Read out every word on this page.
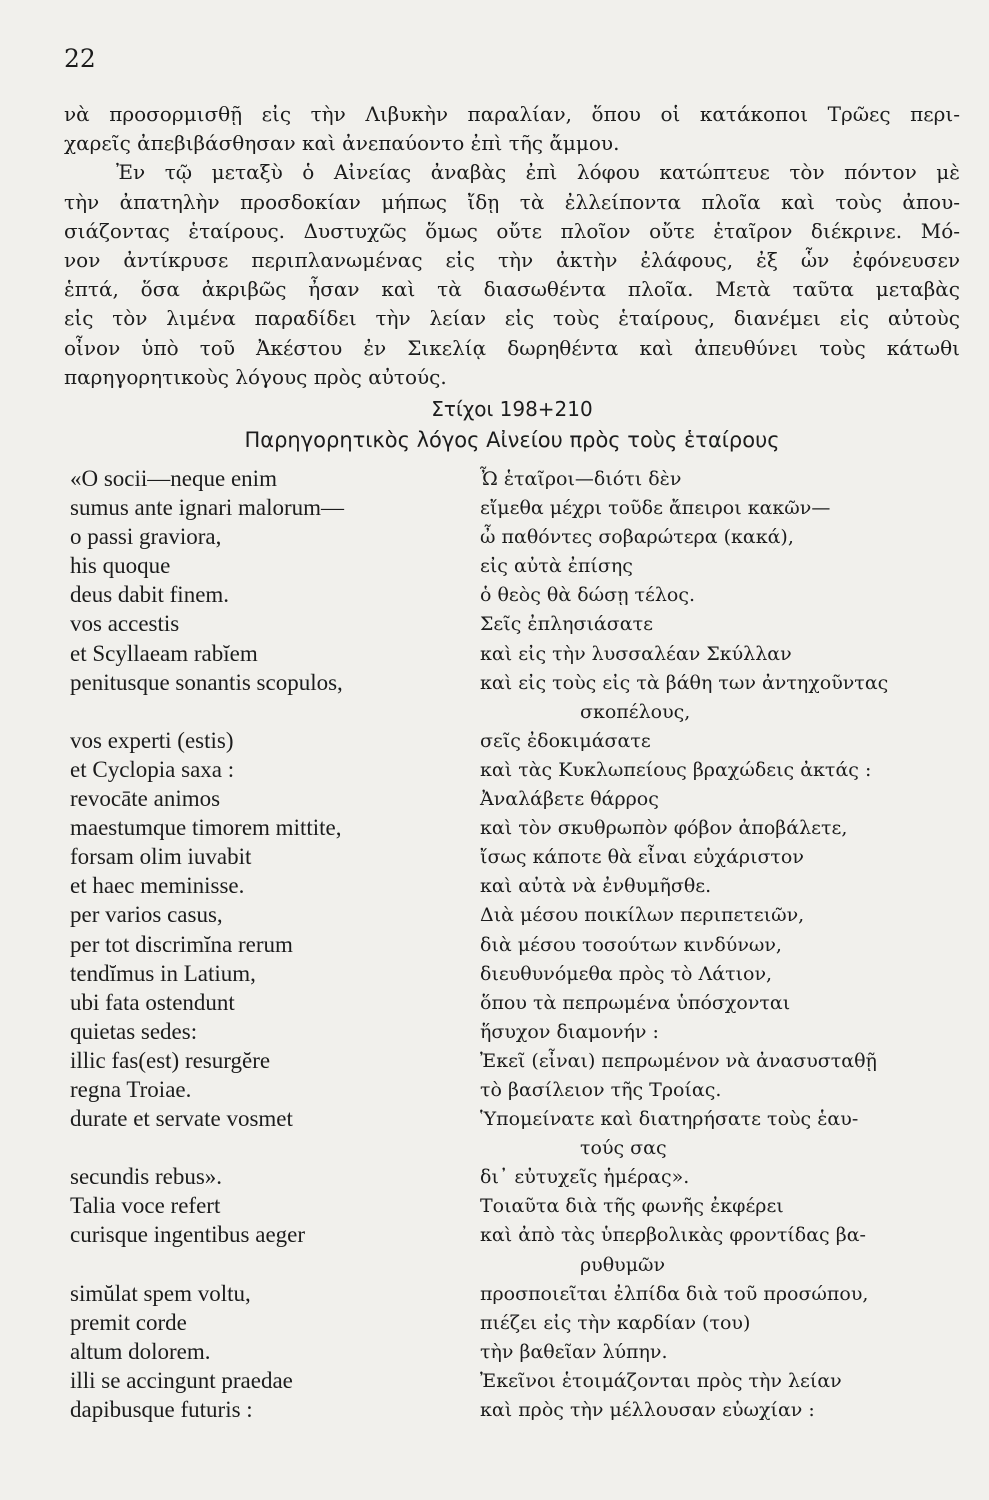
22
νὰ προσορμισθῇ εἰς τὴν Λιβυκὴν παραλίαν, ὅπου οἱ κατάκοποι Τρῶες περι-
χαρεῖς ἀπεβιβάσθησαν καὶ ἀνεπαύοντο ἐπὶ τῆς ἄμμου.
Ἐν τῷ μεταξὺ ὁ Αἰνείας ἀναβὰς ἐπὶ λόφου κατώπτευε τὸν πόντον μὲ
τὴν ἀπατηλὴν προσδοκίαν μήπως ἴδῃ τὰ ἐλλείποντα πλοῖα καὶ τοὺς ἀπου-
σιάζοντας ἑταίρους. Δυστυχῶς ὅμως οὔτε πλοῖον οὔτε ἑταῖρον διέκρινε. Μό-
νον ἀντίκρυσε περιπλανωμένας εἰς τὴν ἀκτὴν ἐλάφους, ἐξ ὧν ἐφόνευσεν
ἑπτά, ὅσα ἀκριβῶς ἦσαν καὶ τὰ διασωθέντα πλοῖα. Μετὰ ταῦτα μεταβὰς
εἰς τὸν λιμένα παραδίδει τὴν λείαν εἰς τοὺς ἑταίρους, διανέμει εἰς αὐτοὺς
οἶνον ὑπὸ τοῦ Ἀκέστου ἐν Σικελίᾳ δωρηθέντα καὶ ἀπευθύνει τοὺς κάτωθι
παρηγορητικοὺς λόγους πρὸς αὐτούς.
Στίχοι 198+210
Παρηγορητικὸς λόγος Αἰνείου πρὸς τοὺς ἑταίρους
«O socii—neque enim	Ὦ ἑταῖροι—διότι δὲν
sumus ante ignari malorum—	εἴμεθα μέχρι τοῦδε ἄπειροι κακῶν—
o passi graviora,	ὦ παθόντες σοβαρώτερα (κακά),
his quoque	εἰς αὐτὰ ἐπίσης
deus dabit finem.	ὁ θεὸς θὰ δώσῃ τέλος.
vos accestis	Σεῖς ἐπλησιάσατε
et Scyllaeam rabĭem	καὶ εἰς τὴν λυσσαλέαν Σκύλλαν
penitusque sonantis scopulos,	καὶ εἰς τοὺς εἰς τὰ βάθη των ἀντηχοῦντας
σκοπέλους,
vos experti (estis)	σεῖς ἐδοκιμάσατε
et Cyclopia saxa :	καὶ τὰς Κυκλωπείους βραχώδεις ἀκτάς :
revocāte animos	Ἀναλάβετε θάρρος
maestumque timorem mittite,	καὶ τὸν σκυθρωπὸν φόβον ἀποβάλετε,
forsam olim iuvabit	ἴσως κάποτε θὰ εἶναι εὐχάριστον
et haec meminisse.	καὶ αὐτὰ νὰ ἐνθυμῆσθε.
per varios casus,	Διὰ μέσου ποικίλων περιπετειῶν,
per tot discrimĭna rerum	διὰ μέσου τοσούτων κινδύνων,
tendĭmus in Latium,	διευθυνόμεθα πρὸς τὸ Λάτιον,
ubi fata ostendunt	ὅπου τὰ πεπρωμένα ὑπόσχονται
quietas sedes:	ἥσυχον διαμονήν :
illic fas(est) resurgĕre	Ἐκεῖ (εἶναι) πεπρωμένον νὰ ἀνασυσταθῇ
regna Troiae.	τὸ βασίλειον τῆς Τροίας.
durate et servate vosmet	Ὑπομείνατε καὶ διατηρήσατε τοὺς ἑαυ-
τούς σας
secundis rebus».	δι᾿ εὐτυχεῖς ἡμέρας».
Talia voce refert	Τοιαῦτα διὰ τῆς φωνῆς ἐκφέρει
curisque ingentibus aeger	καὶ ἀπὸ τὰς ὑπερβολικὰς φροντίδας βα-
ρυθυμῶν
simŭlat spem voltu,	προσποιεῖται ἐλπίδα διὰ τοῦ προσώπου,
premit corde	πιέζει εἰς τὴν καρδίαν (του)
altum dolorem.	τὴν βαθεῖαν λύπην.
illi se accingunt praedae	Ἐκεῖνοι ἑτοιμάζονται πρὸς τὴν λείαν
dapibusque futuris :	καὶ πρὸς τὴν μέλλουσαν εὐωχίαν :
